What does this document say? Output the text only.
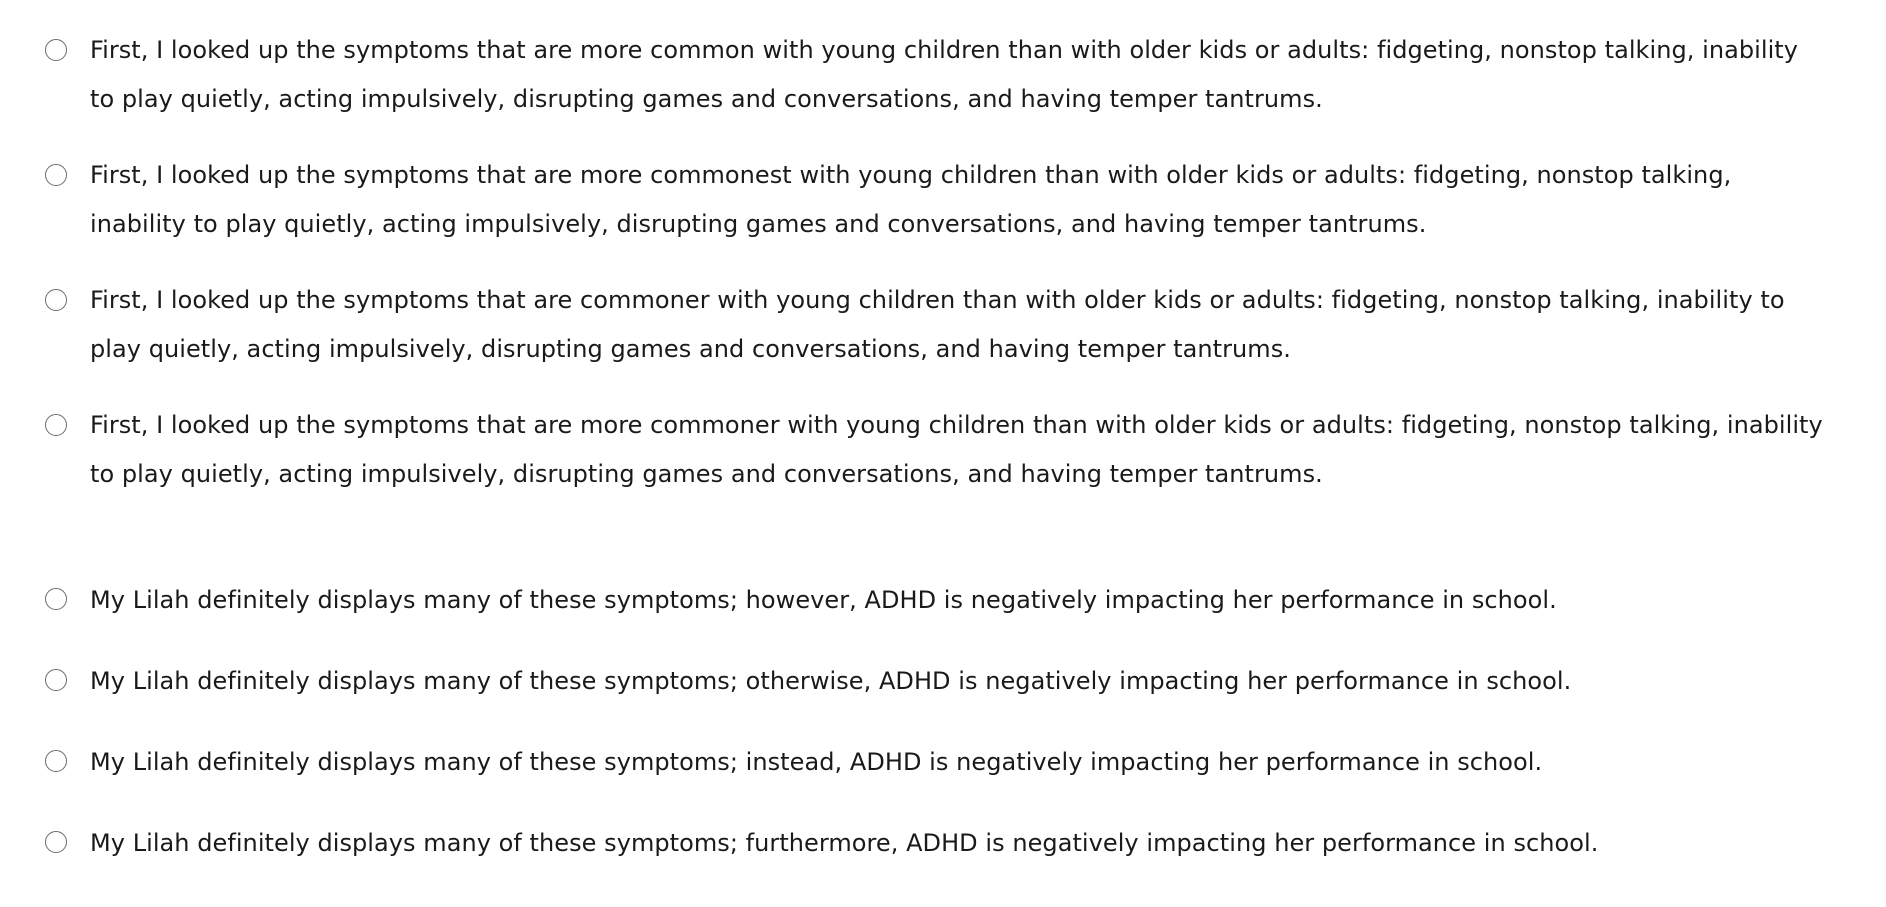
First, I looked up the symptoms that are more common with young children than with older kids or adults: fidgeting, nonstop talking, inability to play quietly, acting impulsively, disrupting games and conversations, and having temper tantrums.
First, I looked up the symptoms that are more commonest with young children than with older kids or adults: fidgeting, nonstop talking, inability to play quietly, acting impulsively, disrupting games and conversations, and having temper tantrums.
First, I looked up the symptoms that are commoner with young children than with older kids or adults: fidgeting, nonstop talking, inability to play quietly, acting impulsively, disrupting games and conversations, and having temper tantrums.
First, I looked up the symptoms that are more commoner with young children than with older kids or adults: fidgeting, nonstop talking, inability to play quietly, acting impulsively, disrupting games and conversations, and having temper tantrums.
My Lilah definitely displays many of these symptoms; however, ADHD is negatively impacting her performance in school.
My Lilah definitely displays many of these symptoms; otherwise, ADHD is negatively impacting her performance in school.
My Lilah definitely displays many of these symptoms; instead, ADHD is negatively impacting her performance in school.
My Lilah definitely displays many of these symptoms; furthermore, ADHD is negatively impacting her performance in school.
